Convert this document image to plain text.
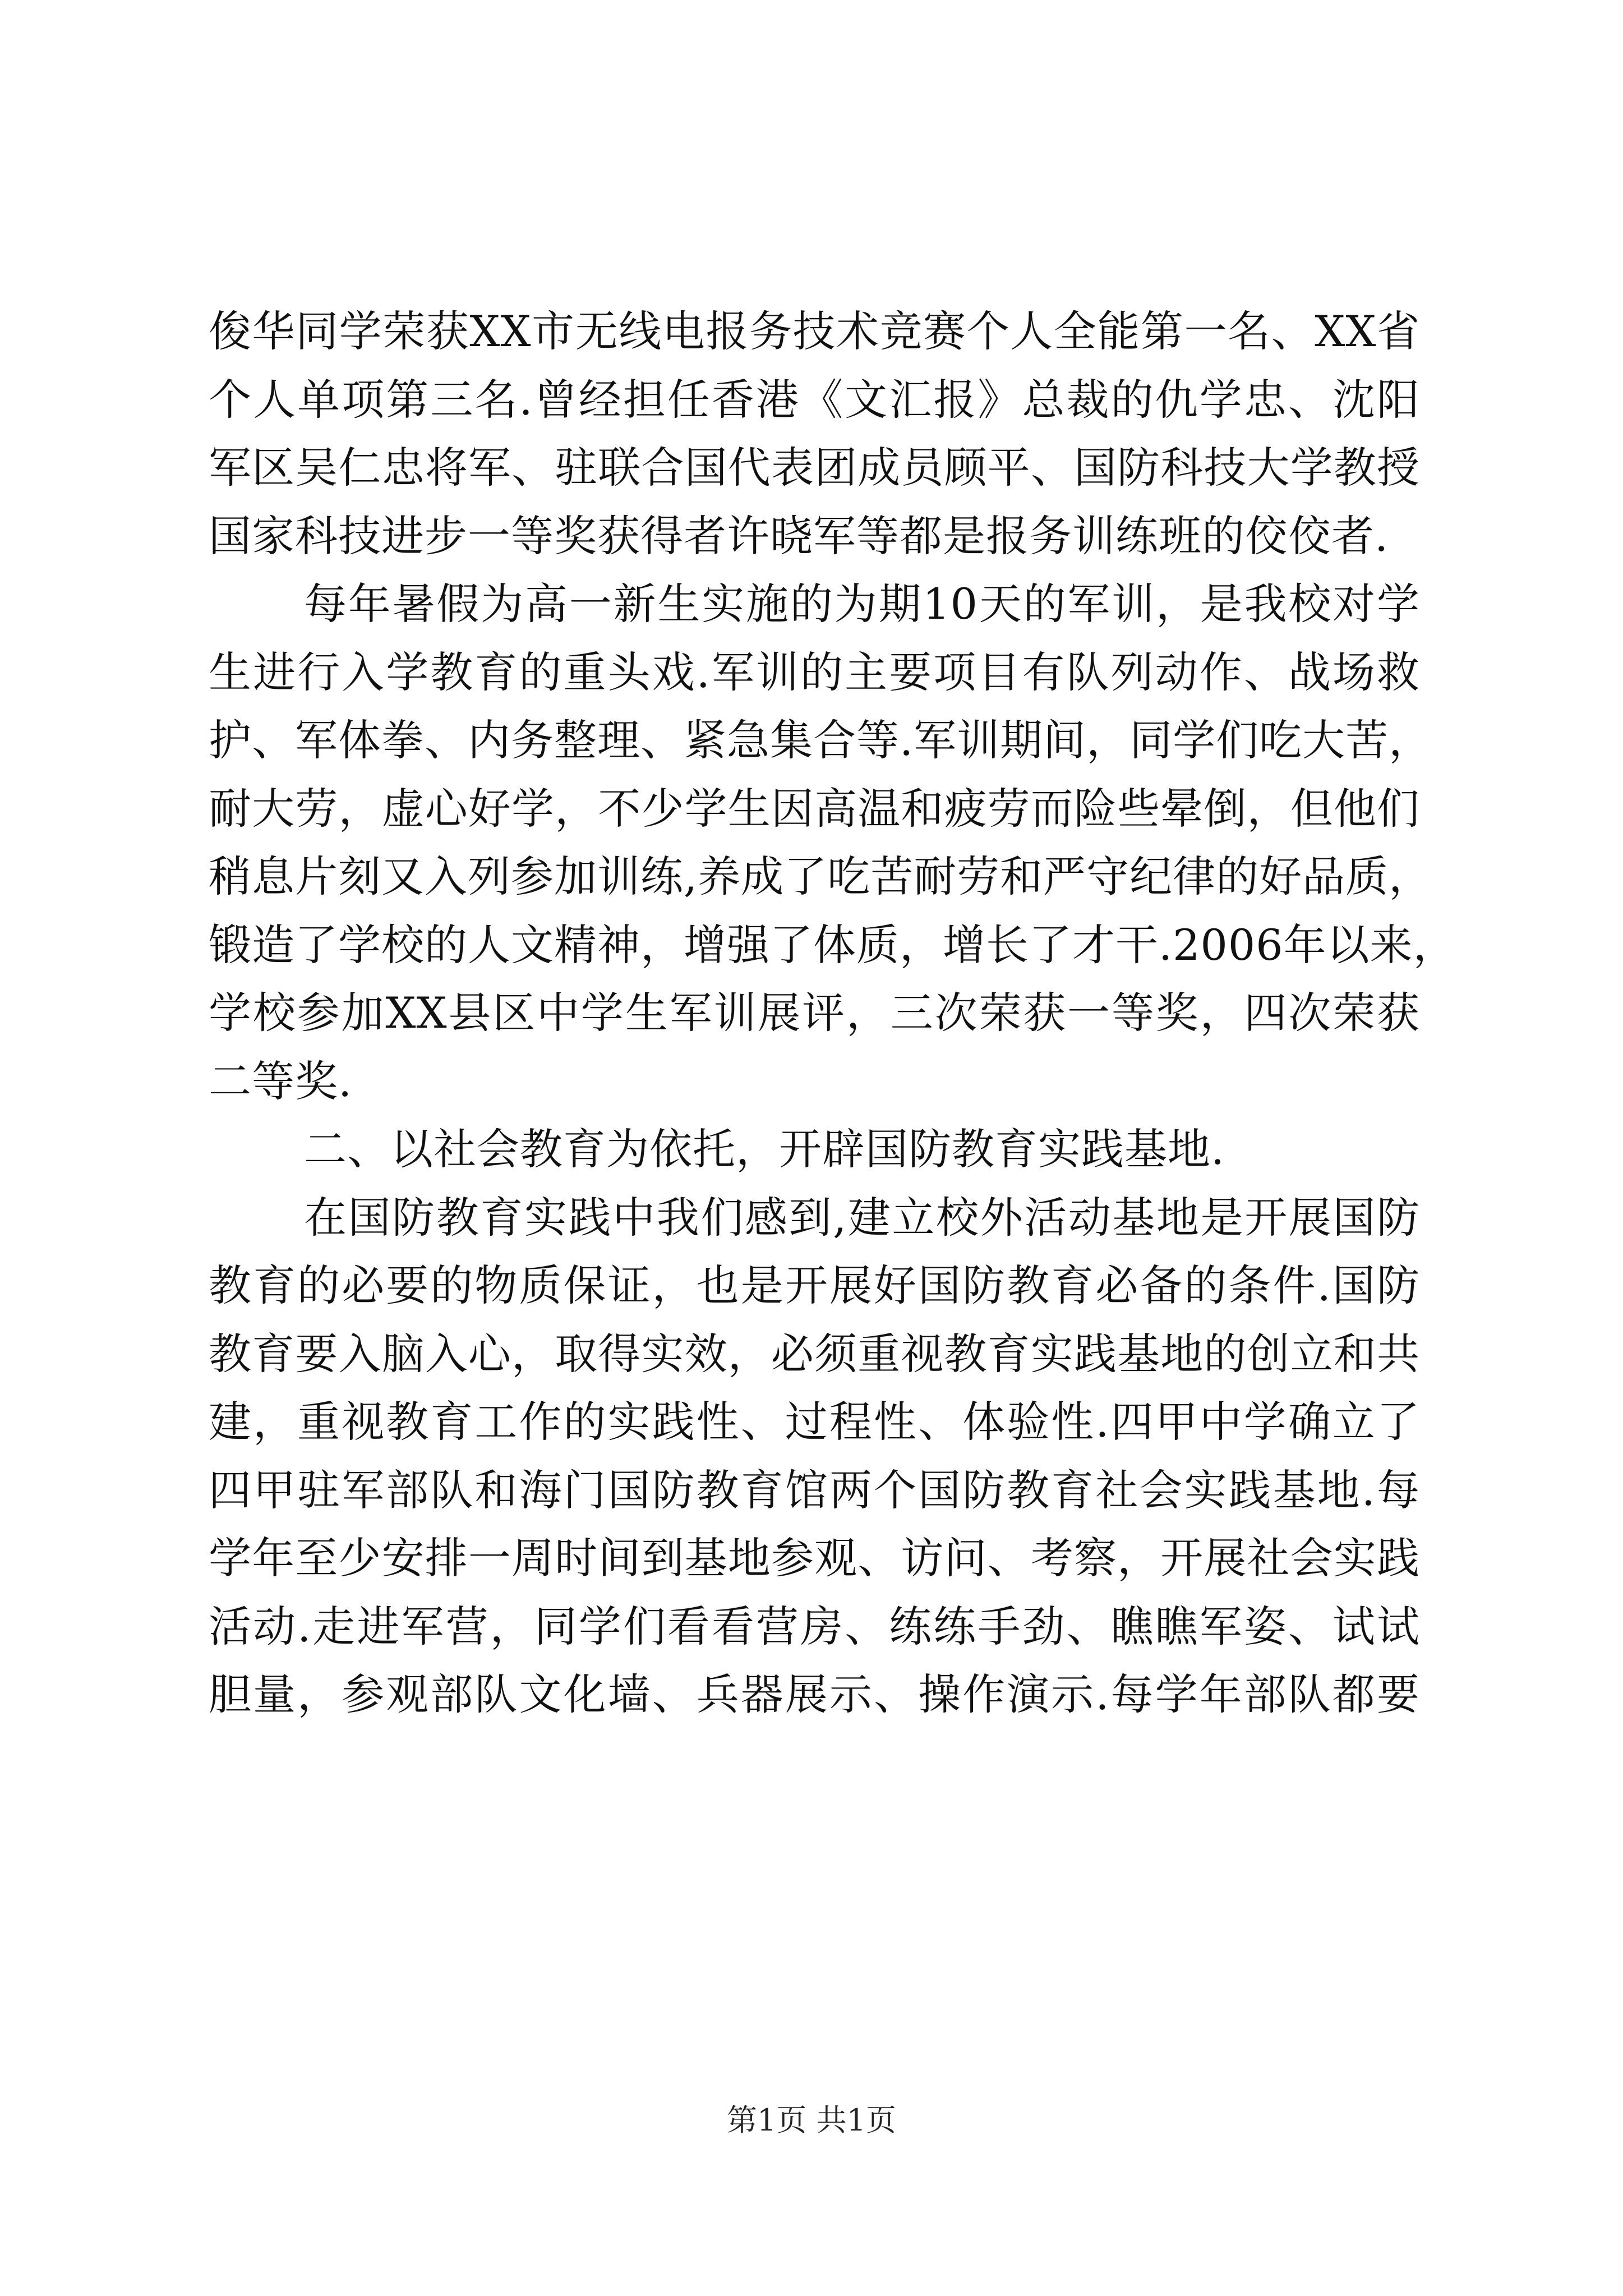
俊华同学荣获XX市无线电报务技术竞赛个人全能第一名、XX省
个人单项第三名.曾经担任香港《文汇报》总裁的仇学忠、沈阳
军区吴仁忠将军、驻联合国代表团成员顾平、国防科技大学教授
国家科技进步一等奖获得者许晓军等都是报务训练班的佼佼者.

每年暑假为高一新生实施的为期10天的军训，是我校对学
生进行入学教育的重头戏.军训的主要项目有队列动作、战场救
护、军体拳、内务整理、紧急集合等.军训期间，同学们吃大苦，
耐大劳，虚心好学，不少学生因高温和疲劳而险些晕倒，但他们
稍息片刻又入列参加训练,养成了吃苦耐劳和严守纪律的好品质，
锻造了学校的人文精神，增强了体质，增长了才干.2006年以来，
学校参加XX县区中学生军训展评，三次荣获一等奖，四次荣获
二等奖.

二、以社会教育为依托，开辟国防教育实践基地.

在国防教育实践中我们感到,建立校外活动基地是开展国防
教育的必要的物质保证，也是开展好国防教育必备的条件.国防
教育要入脑入心，取得实效，必须重视教育实践基地的创立和共
建，重视教育工作的实践性、过程性、体验性.四甲中学确立了
四甲驻军部队和海门国防教育馆两个国防教育社会实践基地.每
学年至少安排一周时间到基地参观、访问、考察，开展社会实践
活动.走进军营，同学们看看营房、练练手劲、瞧瞧军姿、试试
胆量，参观部队文化墙、兵器展示、操作演示.每学年部队都要

第1页 共1页
